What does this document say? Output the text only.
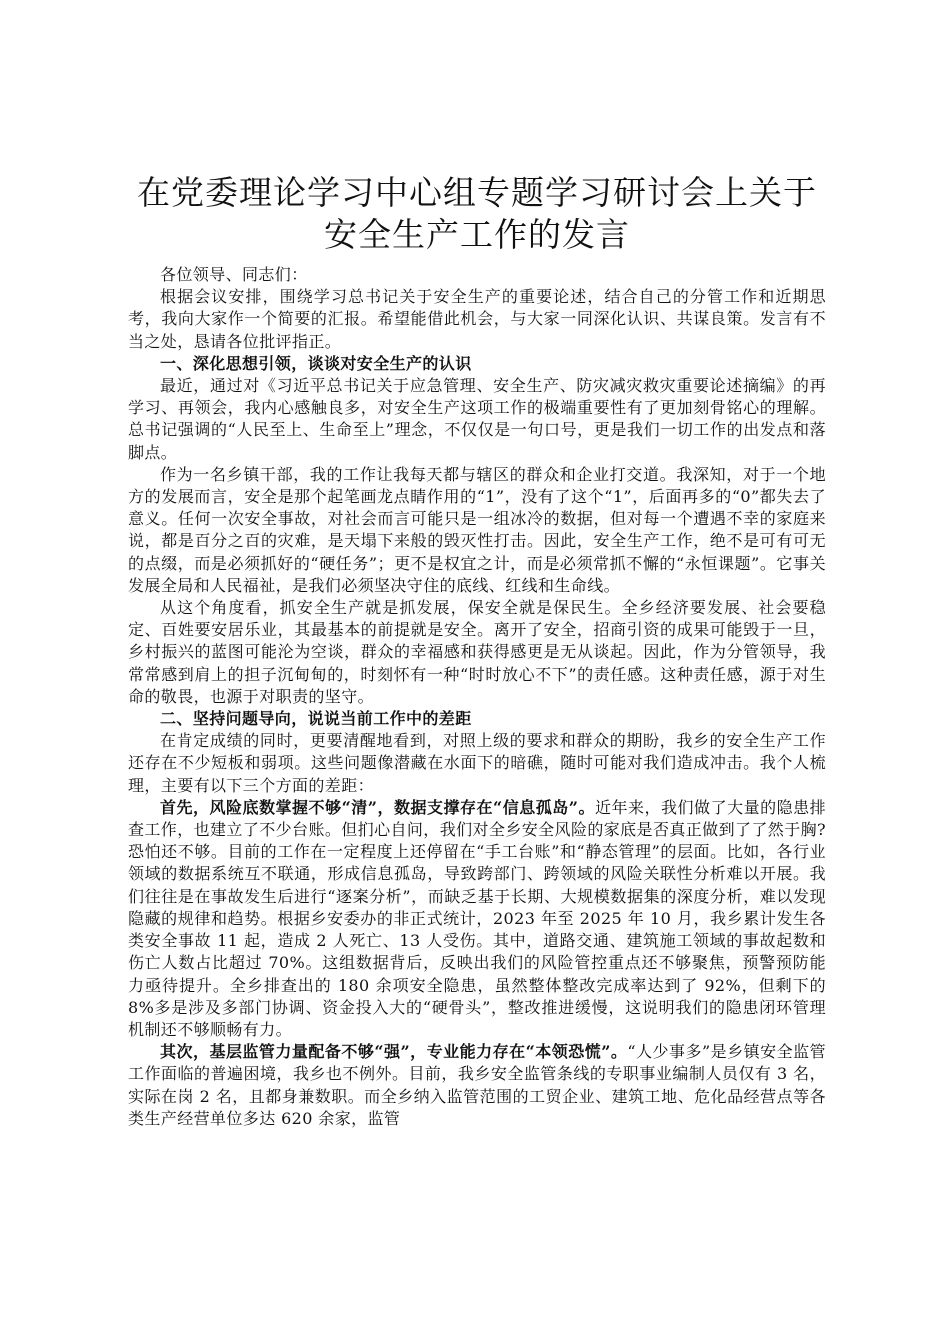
在党委理论学习中心组专题学习研讨会上关于
安全生产工作的发言

各位领导、同志们：

根据会议安排，围绕学习总书记关于安全生产的重要论述，结合自己的分管工作和近期思考，我向大家作一个简要的汇报。希望能借此机会，与大家一同深化认识、共谋良策。发言有不当之处，恳请各位批评指正。

一、深化思想引领，谈谈对安全生产的认识

最近，通过对《习近平总书记关于应急管理、安全生产、防灾减灾救灾重要论述摘编》的再学习、再领会，我内心感触良多，对安全生产这项工作的极端重要性有了更加刻骨铭心的理解。总书记强调的“人民至上、生命至上”理念，不仅仅是一句口号，更是我们一切工作的出发点和落脚点。

作为一名乡镇干部，我的工作让我每天都与辖区的群众和企业打交道。我深知，对于一个地方的发展而言，安全是那个起笔画龙点睛作用的“1”，没有了这个“1”，后面再多的“0”都失去了意义。任何一次安全事故，对社会而言可能只是一组冰冷的数据，但对每一个遭遇不幸的家庭来说，都是百分之百的灾难，是天塌下来般的毁灭性打击。因此，安全生产工作，绝不是可有可无的点缀，而是必须抓好的“硬任务”；更不是权宜之计，而是必须常抓不懈的“永恒课题”。它事关发展全局和人民福祉，是我们必须坚决守住的底线、红线和生命线。

从这个角度看，抓安全生产就是抓发展，保安全就是保民生。全乡经济要发展、社会要稳定、百姓要安居乐业，其最基本的前提就是安全。离开了安全，招商引资的成果可能毁于一旦，乡村振兴的蓝图可能沦为空谈，群众的幸福感和获得感更是无从谈起。因此，作为分管领导，我常常感到肩上的担子沉甸甸的，时刻怀有一种“时时放心不下”的责任感。这种责任感，源于对生命的敬畏，也源于对职责的坚守。

二、坚持问题导向，说说当前工作中的差距

在肯定成绩的同时，更要清醒地看到，对照上级的要求和群众的期盼，我乡的安全生产工作还存在不少短板和弱项。这些问题像潜藏在水面下的暗礁，随时可能对我们造成冲击。我个人梳理，主要有以下三个方面的差距：

首先，风险底数掌握不够“清”，数据支撑存在“信息孤岛”。近年来，我们做了大量的隐患排查工作，也建立了不少台账。但扪心自问，我们对全乡安全风险的家底是否真正做到了了然于胸?恐怕还不够。目前的工作在一定程度上还停留在“手工台账”和“静态管理”的层面。比如，各行业领域的数据系统互不联通，形成信息孤岛，导致跨部门、跨领域的风险关联性分析难以开展。我们往往是在事故发生后进行“逐案分析”，而缺乏基于长期、大规模数据集的深度分析，难以发现隐藏的规律和趋势。根据乡安委办的非正式统计，2023 年至 2025 年 10 月，我乡累计发生各类安全事故 11 起，造成 2 人死亡、13 人受伤。其中，道路交通、建筑施工领域的事故起数和伤亡人数占比超过 70%。这组数据背后，反映出我们的风险管控重点还不够聚焦，预警预防能力亟待提升。全乡排查出的 180 余项安全隐患，虽然整体整改完成率达到了 92%，但剩下的 8%多是涉及多部门协调、资金投入大的“硬骨头”，整改推进缓慢，这说明我们的隐患闭环管理机制还不够顺畅有力。

其次，基层监管力量配备不够“强”，专业能力存在“本领恐慌”。“人少事多”是乡镇安全监管工作面临的普遍困境，我乡也不例外。目前，我乡安全监管条线的专职事业编制人员仅有 3 名，实际在岗 2 名，且都身兼数职。而全乡纳入监管范围的工贸企业、建筑工地、危化品经营点等各类生产经营单位多达 620 余家，监管
